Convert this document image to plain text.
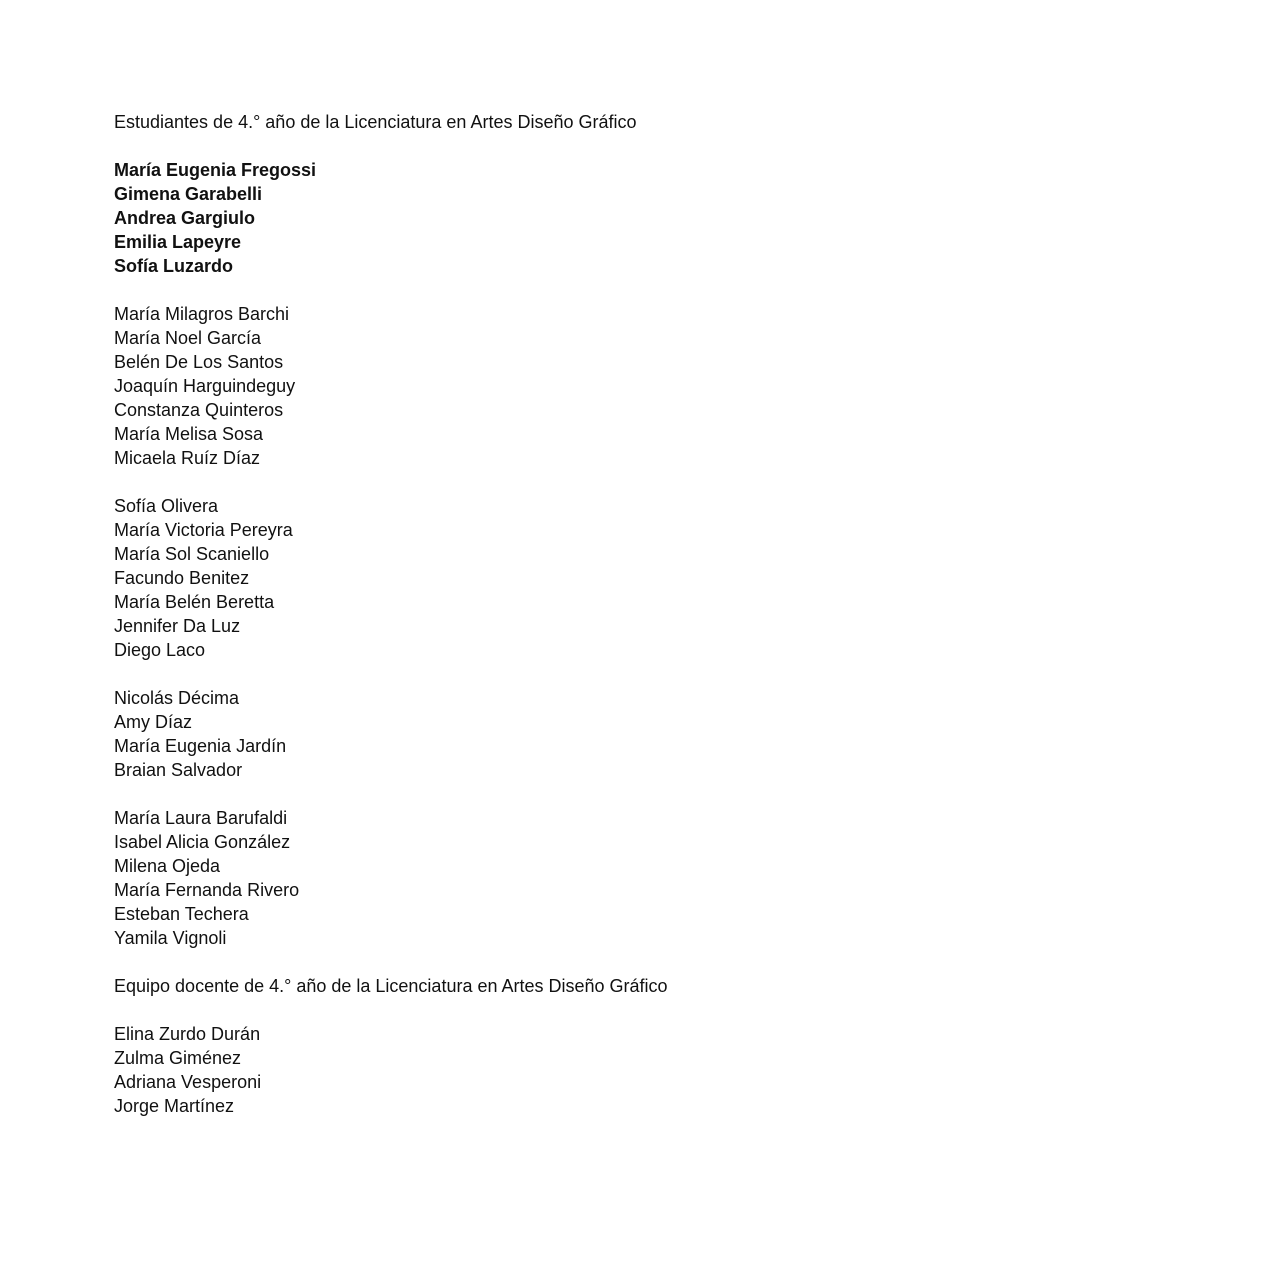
Estudiantes de 4.° año de la Licenciatura en Artes Diseño Gráfico
María Eugenia Fregossi
Gimena Garabelli
Andrea Gargiulo
Emilia Lapeyre
Sofía Luzardo
María Milagros Barchi
María Noel García
Belén De Los Santos
Joaquín Harguindeguy
Constanza Quinteros
María Melisa Sosa
Micaela Ruíz Díaz
Sofía Olivera
María Victoria Pereyra
María Sol Scaniello
Facundo Benitez
María Belén Beretta
Jennifer Da Luz
Diego Laco
Nicolás Décima
Amy Díaz
María Eugenia Jardín
Braian Salvador
María Laura Barufaldi
Isabel Alicia González
Milena Ojeda
María Fernanda Rivero
Esteban Techera
Yamila Vignoli
Equipo docente de 4.° año de la Licenciatura en Artes Diseño Gráfico
Elina Zurdo Durán
Zulma Giménez
Adriana Vesperoni
Jorge Martínez
